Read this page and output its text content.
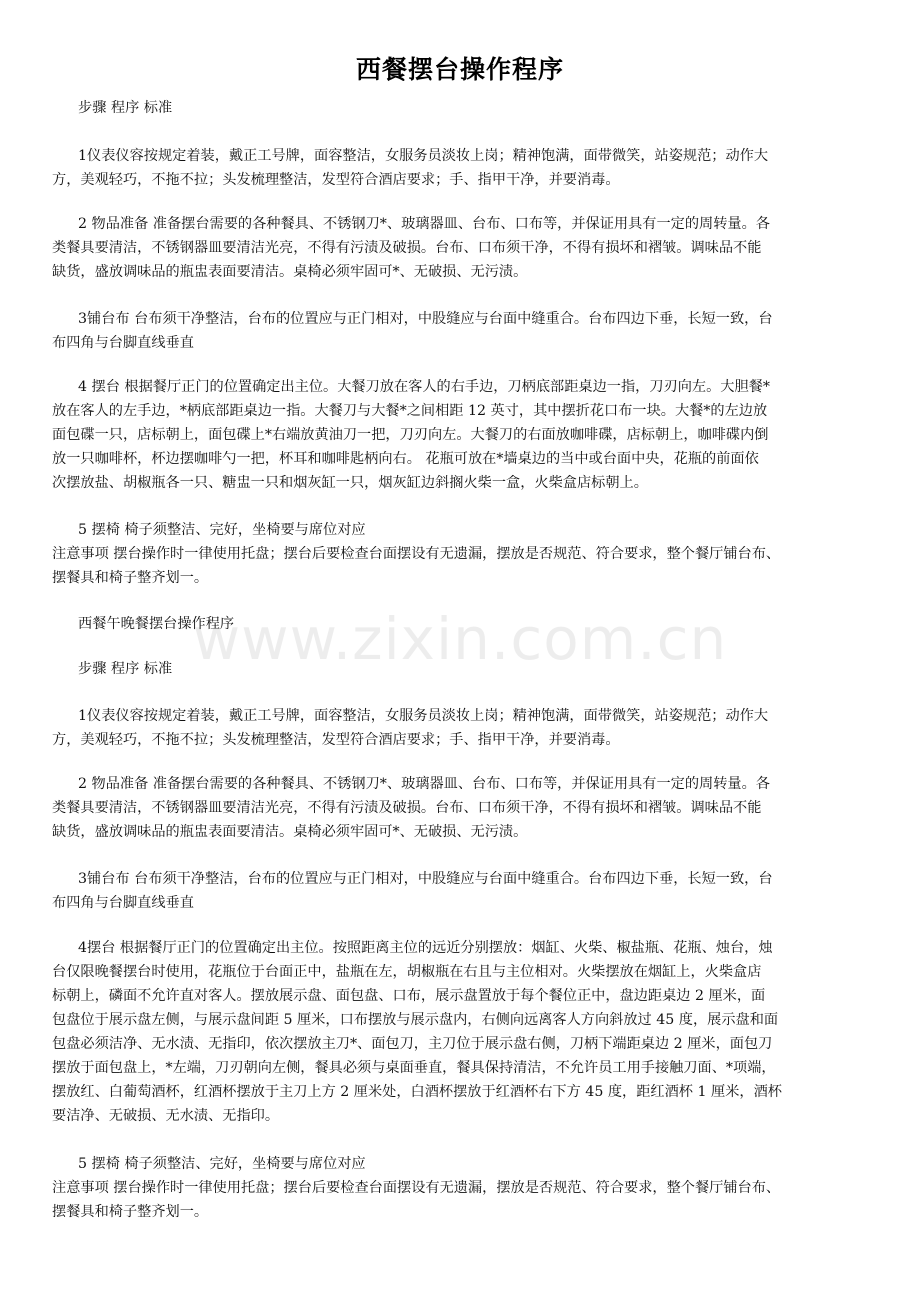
www.zixin.com.cn
西餐摆台操作程序

步骤 程序 标准

1仪表仪容按规定着装，戴正工号牌，面容整洁，女服务员淡妆上岗；精神饱满，面带微笑，站姿规范；动作大
方，美观轻巧，不拖不拉；头发梳理整洁，发型符合酒店要求；手、指甲干净，并要消毒。
2 物品准备 准备摆台需要的各种餐具、不锈钢刀*、玻璃器皿、台布、口布等，并保证用具有一定的周转量。各
类餐具要清洁，不锈钢器皿要清洁光亮，不得有污渍及破损。台布、口布须干净，不得有损坏和褶皱。调味品不能
缺货，盛放调味品的瓶盅表面要清洁。桌椅必须牢固可*、无破损、无污渍。
3铺台布 台布须干净整洁，台布的位置应与正门相对，中股缝应与台面中缝重合。台布四边下垂，长短一致，台
布四角与台脚直线垂直
4 摆台 根据餐厅正门的位置确定出主位。大餐刀放在客人的右手边，刀柄底部距桌边一指，刀刃向左。大胆餐*
放在客人的左手边，*柄底部距桌边一指。大餐刀与大餐*之间相距 12 英寸，其中摆折花口布一块。大餐*的左边放
面包碟一只，店标朝上，面包碟上*右端放黄油刀一把，刀刃向左。大餐刀的右面放咖啡碟，店标朝上，咖啡碟内倒
放一只咖啡杯，杯边摆咖啡勺一把，杯耳和咖啡匙柄向右。 花瓶可放在*墙桌边的当中或台面中央，花瓶的前面依
次摆放盐、胡椒瓶各一只、糖盅一只和烟灰缸一只，烟灰缸边斜搁火柴一盒，火柴盒店标朝上。

5 摆椅 椅子须整洁、完好，坐椅要与席位对应

注意事项 摆台操作时一律使用托盘；摆台后要检查台面摆设有无遗漏，摆放是否规范、符合要求，整个餐厅铺台布、
摆餐具和椅子整齐划一。

西餐午晚餐摆台操作程序

步骤 程序 标准

1仪表仪容按规定着装，戴正工号牌，面容整洁，女服务员淡妆上岗；精神饱满，面带微笑，站姿规范；动作大
方，美观轻巧，不拖不拉；头发梳理整洁，发型符合酒店要求；手、指甲干净，并要消毒。
2 物品准备 准备摆台需要的各种餐具、不锈钢刀*、玻璃器皿、台布、口布等，并保证用具有一定的周转量。各
类餐具要清洁，不锈钢器皿要清洁光亮，不得有污渍及破损。台布、口布须干净，不得有损坏和褶皱。调味品不能
缺货，盛放调味品的瓶盅表面要清洁。桌椅必须牢固可*、无破损、无污渍。
3铺台布 台布须干净整洁，台布的位置应与正门相对，中股缝应与台面中缝重合。台布四边下垂，长短一致，台
布四角与台脚直线垂直
4摆台 根据餐厅正门的位置确定出主位。按照距离主位的远近分别摆放：烟缸、火柴、椒盐瓶、花瓶、烛台，烛
台仅限晚餐摆台时使用，花瓶位于台面正中，盐瓶在左，胡椒瓶在右且与主位相对。火柴摆放在烟缸上，火柴盒店
标朝上，磷面不允许直对客人。摆放展示盘、面包盘、口布，展示盘置放于每个餐位正中，盘边距桌边 2 厘米，面
包盘位于展示盘左侧，与展示盘间距 5 厘米，口布摆放与展示盘内，右侧向远离客人方向斜放过 45 度，展示盘和面
包盘必须洁净、无水渍、无指印，依次摆放主刀*、面包刀，主刀位于展示盘右侧，刀柄下端距桌边 2 厘米，面包刀
摆放于面包盘上，*左端，刀刃朝向左侧，餐具必须与桌面垂直，餐具保持清洁，不允许员工用手接触刀面、*项端，
摆放红、白葡萄酒杯，红酒杯摆放于主刀上方 2 厘米处，白酒杯摆放于红酒杯右下方 45 度，距红酒杯 1 厘米，酒杯
要洁净、无破损、无水渍、无指印。

5 摆椅 椅子须整洁、完好，坐椅要与席位对应

注意事项 摆台操作时一律使用托盘；摆台后要检查台面摆设有无遗漏，摆放是否规范、符合要求，整个餐厅铺台布、
摆餐具和椅子整齐划一。
